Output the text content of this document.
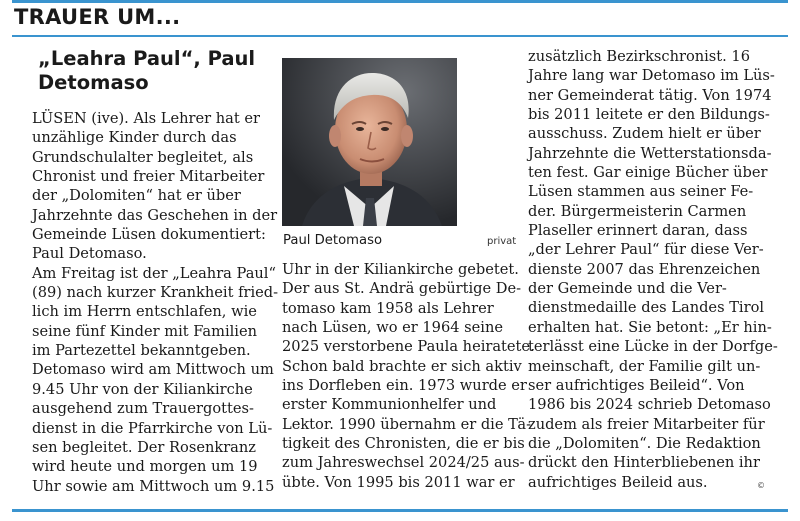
TRAUER UM...
„Leahra Paul“, Paul Detomaso
LÜSEN (ive). Als Lehrer hat er
unzählige Kinder durch das
Grundschulalter begleitet, als
Chronist und freier Mitarbeiter
der „Dolomiten“ hat er über
Jahrzehnte das Geschehen in der
Gemeinde Lüsen dokumentiert:
Paul Detomaso.
Am Freitag ist der „Leahra Paul“
(89) nach kurzer Krankheit fried-
lich im Herrn entschlafen, wie
seine fünf Kinder mit Familien
im Partezettel bekanntgeben.
Detomaso wird am Mittwoch um
9.45 Uhr von der Kiliankirche
ausgehend zum Trauergottes-
dienst in die Pfarrkirche von Lü-
sen begleitet. Der Rosenkranz
wird heute und morgen um 19
Uhr sowie am Mittwoch um 9.15
Paul Detomaso	privat
Uhr in der Kiliankirche gebetet.
Der aus St. Andrä gebürtige De-
tomaso kam 1958 als Lehrer
nach Lüsen, wo er 1964 seine
2025 verstorbene Paula heiratete.
Schon bald brachte er sich aktiv
ins Dorfleben ein. 1973 wurde er
erster Kommunionhelfer und
Lektor. 1990 übernahm er die Tä-
tigkeit des Chronisten, die er bis
zum Jahreswechsel 2024/25 aus-
übte. Von 1995 bis 2011 war er
zusätzlich Bezirkschronist. 16
Jahre lang war Detomaso im Lüs-
ner Gemeinderat tätig. Von 1974
bis 2011 leitete er den Bildungs-
ausschuss. Zudem hielt er über
Jahrzehnte die Wetterstationsda-
ten fest. Gar einige Bücher über
Lüsen stammen aus seiner Fe-
der. Bürgermeisterin Carmen
Plaseller erinnert daran, dass
„der Lehrer Paul“ für diese Ver-
dienste 2007 das Ehrenzeichen
der Gemeinde und die Ver-
dienstmedaille des Landes Tirol
erhalten hat. Sie betont: „Er hin-
terlässt eine Lücke in der Dorfge-
meinschaft, der Familie gilt un-
ser aufrichtiges Beileid“. Von
1986 bis 2024 schrieb Detomaso
zudem als freier Mitarbeiter für
die „Dolomiten“. Die Redaktion
drückt den Hinterbliebenen ihr
aufrichtiges Beileid aus.	©
